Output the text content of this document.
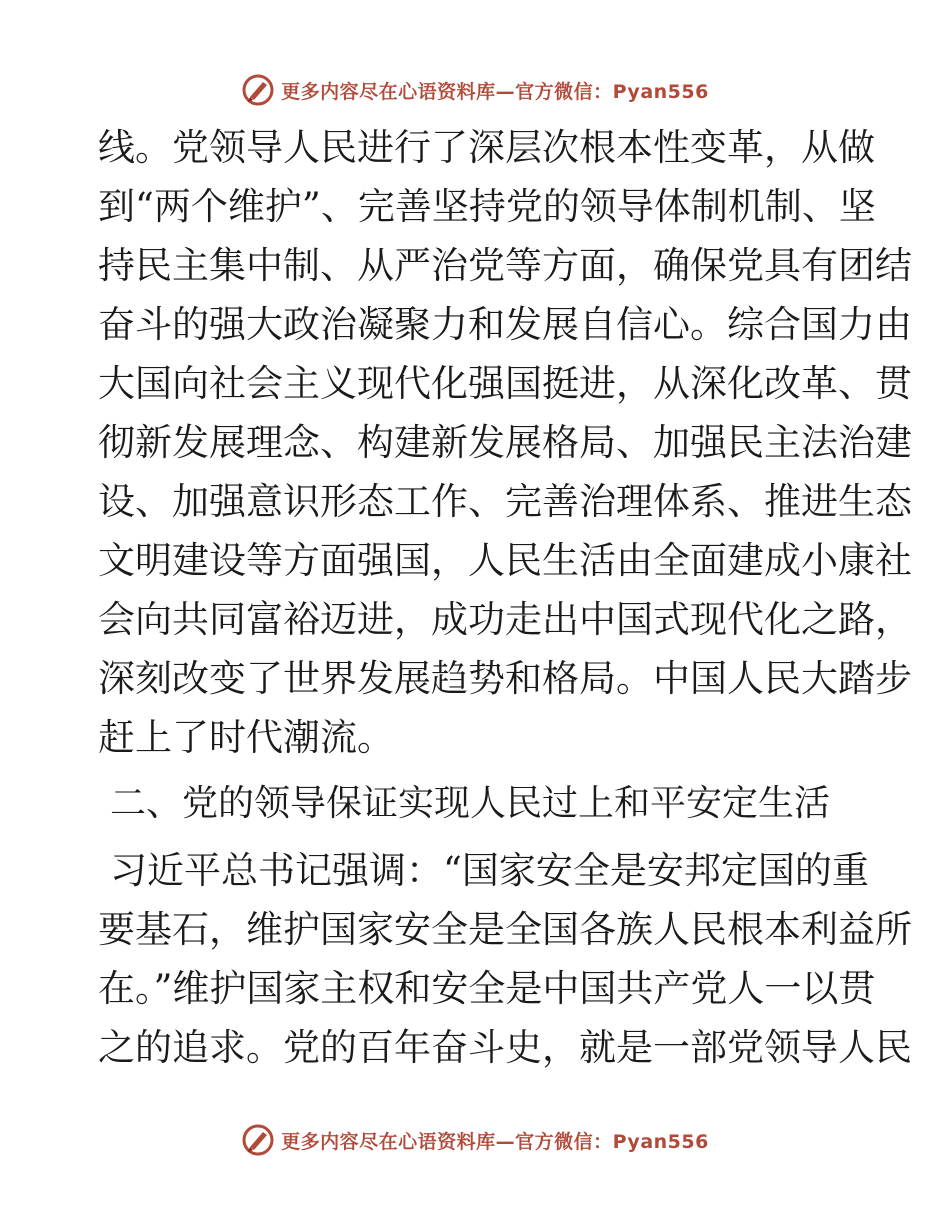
更多内容尽在心语资料库—官方微信：Pyan556
线。党领导人民进行了深层次根本性变革，从做
到“两个维护”、完善坚持党的领导体制机制、坚
持民主集中制、从严治党等方面，确保党具有团结
奋斗的强大政治凝聚力和发展自信心。综合国力由
大国向社会主义现代化强国挺进，从深化改革、贯
彻新发展理念、构建新发展格局、加强民主法治建
设、加强意识形态工作、完善治理体系、推进生态
文明建设等方面强国，人民生活由全面建成小康社
会向共同富裕迈进，成功走出中国式现代化之路，
深刻改变了世界发展趋势和格局。中国人民大踏步
赶上了时代潮流。
二、党的领导保证实现人民过上和平安定生活
习近平总书记强调：“国家安全是安邦定国的重
要基石，维护国家安全是全国各族人民根本利益所
在。”维护国家主权和安全是中国共产党人一以贯
之的追求。党的百年奋斗史，就是一部党领导人民
更多内容尽在心语资料库—官方微信：Pyan556
